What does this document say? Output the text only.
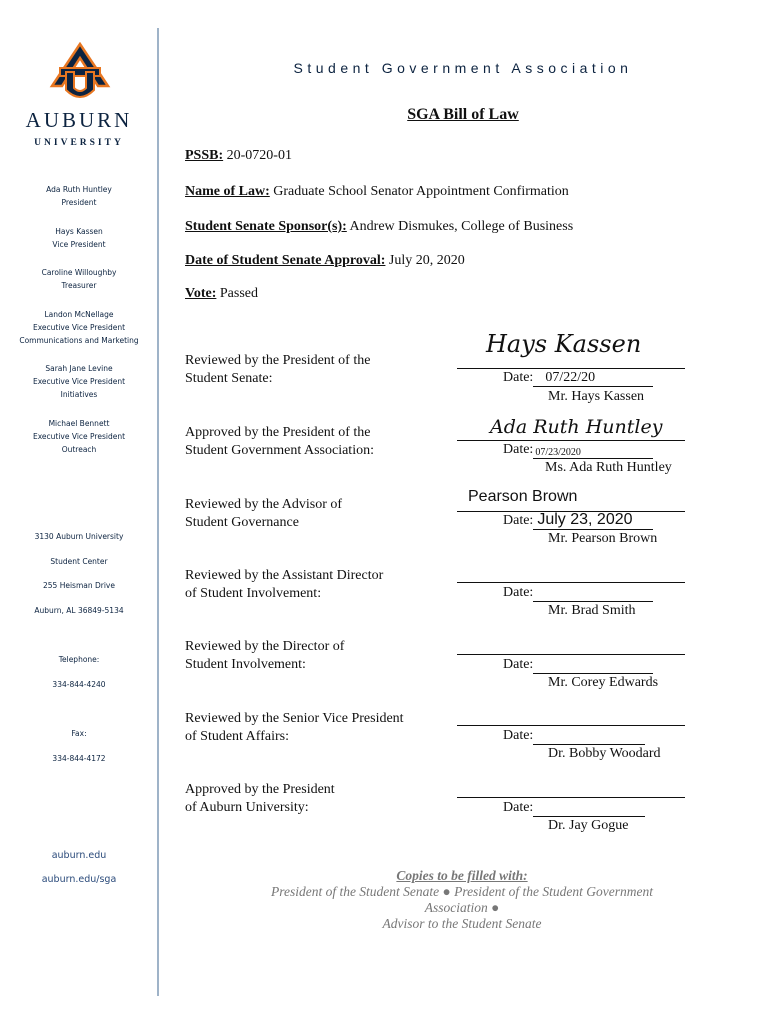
AUBURN
UNIVERSITY
Ada Ruth Huntley
President
Hays Kassen
Vice President
Caroline Willoughby
Treasurer
Landon McNellage
Executive Vice President
Communications and Marketing
Sarah Jane Levine
Executive Vice President
Initiatives
Michael Bennett
Executive Vice President
Outreach
3130 Auburn University
Student Center
255 Heisman Drive
Auburn, AL 36849-5134
Telephone:
334-844-4240
Fax:
334-844-4172
auburn.edu
auburn.edu/sga
Student Government Association
SGA Bill of Law
PSSB: 20-0720-01
Name of Law: Graduate School Senator Appointment Confirmation
Student Senate Sponsor(s): Andrew Dismukes, College of Business
Date of Student Senate Approval: July 20, 2020
Vote: Passed
Reviewed by the President of the
Student Senate:
Hays Kassen
Date: 07/22/20
Mr. Hays Kassen
Approved by the President of the
Student Government Association:
Ada Ruth Huntley
Date: 07/23/2020
Ms. Ada Ruth Huntley
Reviewed by the Advisor of
Student Governance
Pearson Brown
Date: July 23, 2020
Mr. Pearson Brown
Reviewed by the Assistant Director
of Student Involvement:	Date:
Mr. Brad Smith
Reviewed by the Director of
Student Involvement:	Date:
Mr. Corey Edwards
Reviewed by the Senior Vice President
of Student Affairs:	Date:
Dr. Bobby Woodard
Approved by the President
of Auburn University:	Date:
Dr. Jay Gogue
Copies to be filled with:
President of the Student Senate ● President of the Student Government
Association ●
Advisor to the Student Senate
